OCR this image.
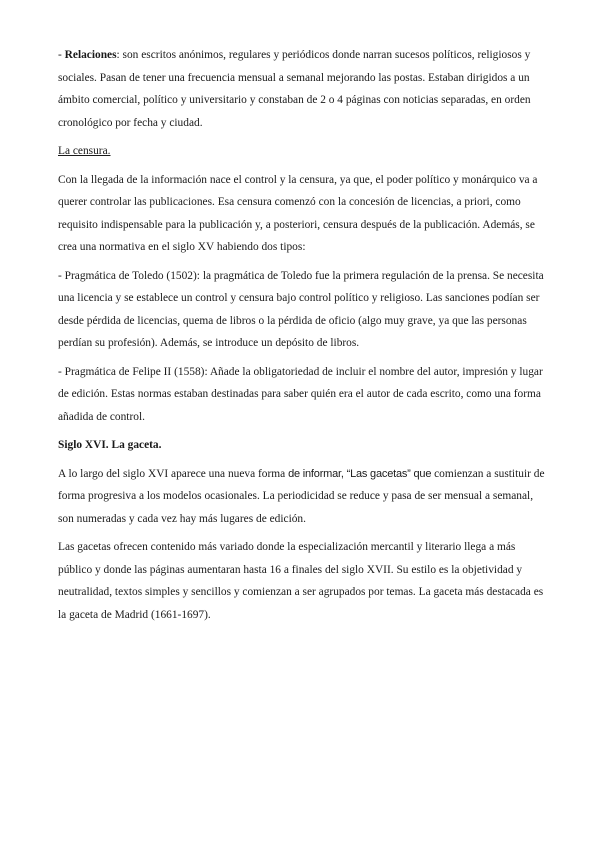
- Relaciones: son escritos anónimos, regulares y periódicos donde narran sucesos políticos, religiosos y sociales. Pasan de tener una frecuencia mensual a semanal mejorando las postas. Estaban dirigidos a un ámbito comercial, político y universitario y constaban de 2 o 4 páginas con noticias separadas, en orden cronológico por fecha y ciudad.

La censura.

Con la llegada de la información nace el control y la censura, ya que, el poder político y monárquico va a querer controlar las publicaciones. Esa censura comenzó con la concesión de licencias, a priori, como requisito indispensable para la publicación y, a posteriori, censura después de la publicación. Además, se crea una normativa en el siglo XV habiendo dos tipos:

- Pragmática de Toledo (1502): la pragmática de Toledo fue la primera regulación de la prensa. Se necesita una licencia y se establece un control y censura bajo control político y religioso. Las sanciones podían ser desde pérdida de licencias, quema de libros o la pérdida de oficio (algo muy grave, ya que las personas perdían su profesión). Además, se introduce un depósito de libros.

- Pragmática de Felipe II (1558): Añade la obligatoriedad de incluir el nombre del autor, impresión y lugar de edición. Estas normas estaban destinadas para saber quién era el autor de cada escrito, como una forma añadida de control.

Siglo XVI. La gaceta.

A lo largo del siglo XVI aparece una nueva forma de informar, “Las gacetas” que comienzan a sustituir de forma progresiva a los modelos ocasionales. La periodicidad se reduce y pasa de ser mensual a semanal, son numeradas y cada vez hay más lugares de edición.

Las gacetas ofrecen contenido más variado donde la especialización mercantil y literario llega a más público y donde las páginas aumentaran hasta 16 a finales del siglo XVII. Su estilo es la objetividad y neutralidad, textos simples y sencillos y comienzan a ser agrupados por temas. La gaceta más destacada es la gaceta de Madrid (1661-1697).
